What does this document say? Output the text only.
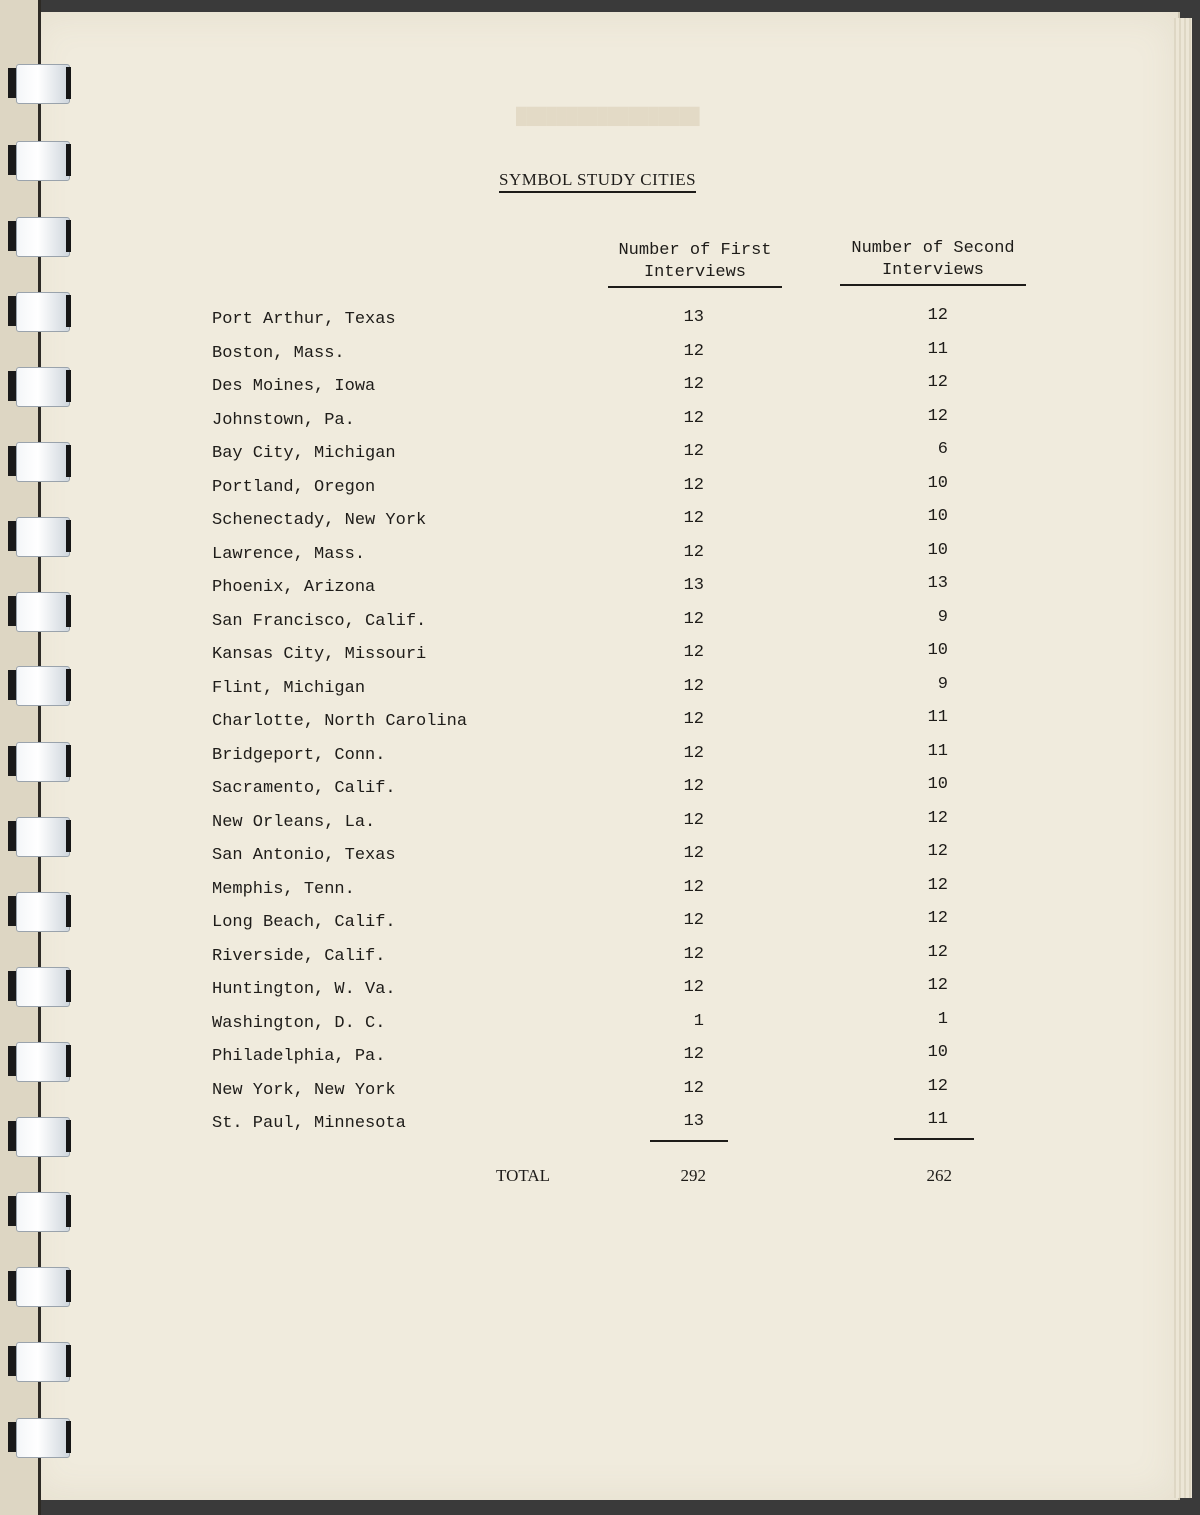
██████████████████
SYMBOL STUDY CITIES
Number of First
Interviews
Number of Second
Interviews
Port Arthur, Texas	13	12
Boston, Mass.	12	11
Des Moines, Iowa	12	12
Johnstown, Pa.	12	12
Bay City, Michigan	12	6
Portland, Oregon	12	10
Schenectady, New York	12	10
Lawrence, Mass.	12	10
Phoenix, Arizona	13	13
San Francisco, Calif.	12	9
Kansas City, Missouri	12	10
Flint, Michigan	12	9
Charlotte, North Carolina	12	11
Bridgeport, Conn.	12	11
Sacramento, Calif.	12	10
New Orleans, La.	12	12
San Antonio, Texas	12	12
Memphis, Tenn.	12	12
Long Beach, Calif.	12	12
Riverside, Calif.	12	12
Huntington, W. Va.	12	12
Washington, D. C.	1	1
Philadelphia, Pa.	12	10
New York, New York	12	12
St. Paul, Minnesota	13	11
TOTAL	292	262
